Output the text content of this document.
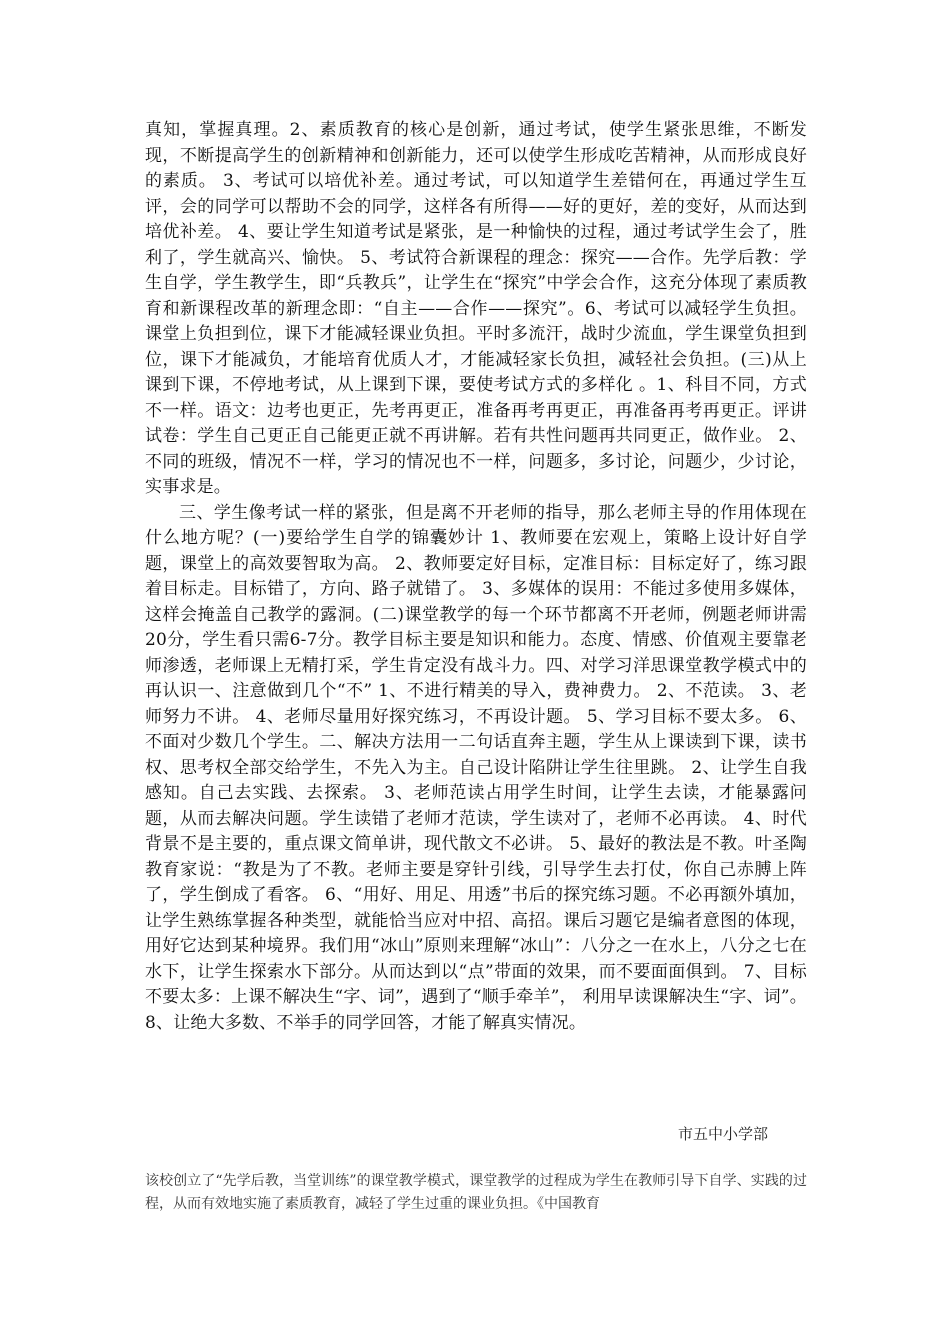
真知，掌握真理。2、素质教育的核心是创新，通过考试，使学生紧张思维，不断发现，不断提高学生的创新精神和创新能力，还可以使学生形成吃苦精神，从而形成良好的素质。 3、考试可以培优补差。通过考试，可以知道学生差错何在，再通过学生互评，会的同学可以帮助不会的同学，这样各有所得——好的更好，差的变好，从而达到培优补差。 4、要让学生知道考试是紧张，是一种愉快的过程，通过考试学生会了，胜利了，学生就高兴、愉快。 5、考试符合新课程的理念：探究——合作。先学后教：学生自学，学生教学生，即“兵教兵”，让学生在“探究”中学会合作，这充分体现了素质教育和新课程改革的新理念即：“自主——合作——探究”。6、考试可以减轻学生负担。课堂上负担到位，课下才能减轻课业负担。平时多流汗，战时少流血，学生课堂负担到位，课下才能减负，才能培育优质人才，才能减轻家长负担，减轻社会负担。(三)从上课到下课，不停地考试，从上课到下课，要使考试方式的多样化 。1、科目不同，方式不一样。语文：边考也更正，先考再更正，准备再考再更正，再准备再考再更正。评讲试卷：学生自己更正自己能更正就不再讲解。若有共性问题再共同更正，做作业。 2、不同的班级，情况不一样，学习的情况也不一样，问题多，多讨论，问题少，少讨论，实事求是。

三、学生像考试一样的紧张，但是离不开老师的指导，那么老师主导的作用体现在什么地方呢？(一)要给学生自学的锦囊妙计 1、教师要在宏观上，策略上设计好自学题，课堂上的高效要智取为高。 2、教师要定好目标，定准目标：目标定好了，练习跟着目标走。目标错了，方向、路子就错了。 3、多媒体的误用：不能过多使用多媒体，这样会掩盖自己教学的露洞。(二)课堂教学的每一个环节都离不开老师，例题老师讲需20分，学生看只需6-7分。教学目标主要是知识和能力。态度、情感、价值观主要靠老师渗透，老师课上无精打采，学生肯定没有战斗力。四、对学习洋思课堂教学模式中的再认识一、注意做到几个“不” 1、不进行精美的导入，费神费力。 2、不范读。 3、老师努力不讲。 4、老师尽量用好探究练习，不再设计题。 5、学习目标不要太多。 6、不面对少数几个学生。二、解决方法用一二句话直奔主题，学生从上课读到下课，读书权、思考权全部交给学生，不先入为主。自己设计陷阱让学生往里跳。 2、让学生自我感知。自己去实践、去探索。 3、老师范读占用学生时间，让学生去读，才能暴露问题，从而去解决问题。学生读错了老师才范读，学生读对了，老师不必再读。 4、时代背景不是主要的，重点课文简单讲，现代散文不必讲。 5、最好的教法是不教。叶圣陶教育家说：“教是为了不教。老师主要是穿针引线，引导学生去打仗，你自己赤膊上阵了，学生倒成了看客。 6、“用好、用足、用透”书后的探究练习题。不必再额外填加，让学生熟练掌握各种类型，就能恰当应对中招、高招。课后习题它是编者意图的体现，用好它达到某种境界。我们用“冰山”原则来理解“冰山”：八分之一在水上，八分之七在水下，让学生探索水下部分。从而达到以“点”带面的效果，而不要面面俱到。 7、目标不要太多：上课不解决生“字、词”，遇到了“顺手牵羊”， 利用早读课解决生“字、词”。8、让绝大多数、不举手的同学回答，才能了解真实情况。

市五中小学部
该校创立了“先学后教，当堂训练”的课堂教学模式，课堂教学的过程成为学生在教师引导下自学、实践的过程，从而有效地实施了素质教育，减轻了学生过重的课业负担。《中国教育
